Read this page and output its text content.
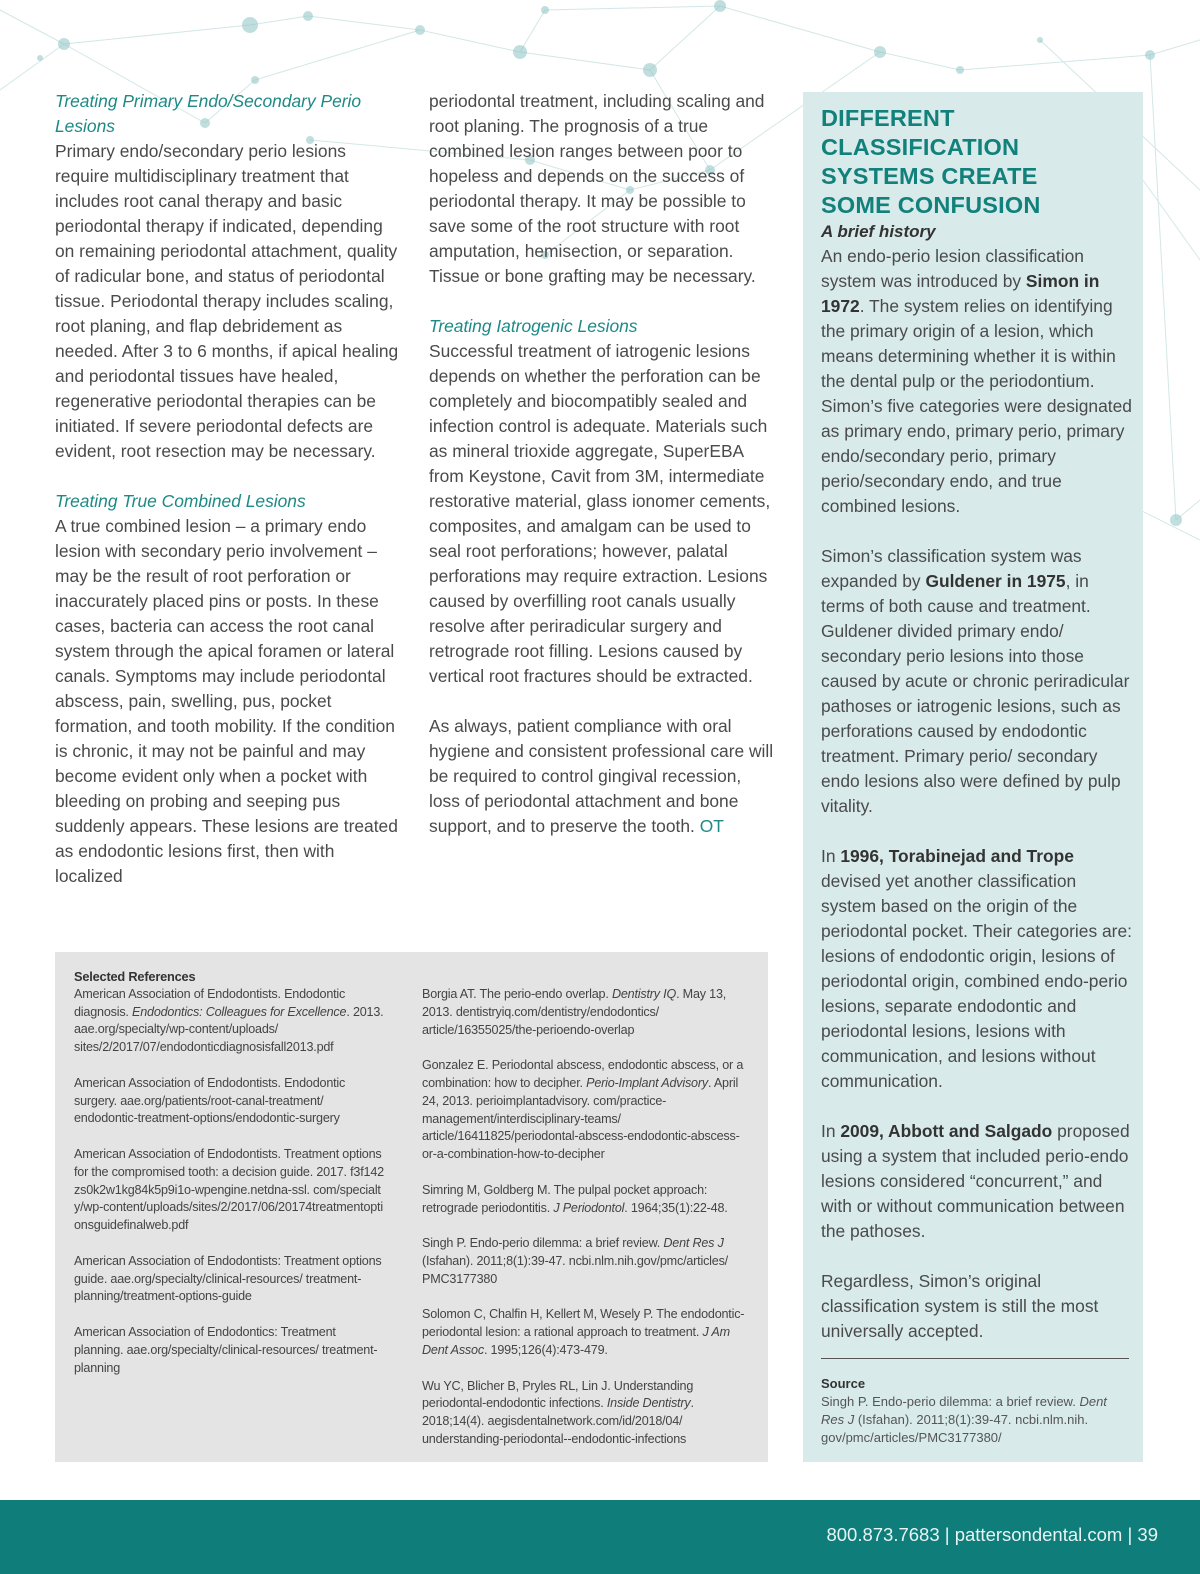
Treating Primary Endo/Secondary Perio Lesions

Primary endo/secondary perio lesions require multidisciplinary treatment that includes root canal therapy and basic periodontal therapy if indicated, depending on remaining periodontal attachment, quality of radicular bone, and status of periodontal tissue. Periodontal therapy includes scaling, root planing, and flap debridement as needed. After 3 to 6 months, if apical healing and periodontal tissues have healed, regenerative periodontal therapies can be initiated. If severe periodontal defects are evident, root resection may be necessary.

Treating True Combined Lesions

A true combined lesion – a primary endo lesion with secondary perio involvement – may be the result of root perforation or inaccurately placed pins or posts. In these cases, bacteria can access the root canal system through the apical foramen or lateral canals. Symptoms may include periodontal abscess, pain, swelling, pus, pocket formation, and tooth mobility. If the condition is chronic, it may not be painful and may become evident only when a pocket with bleeding on probing and seeping pus suddenly appears. These lesions are treated as endodontic lesions first, then with localized

periodontal treatment, including scaling and root planing. The prognosis of a true combined lesion ranges between poor to hopeless and depends on the success of periodontal therapy. It may be possible to save some of the root structure with root amputation, hemisection, or separation. Tissue or bone grafting may be necessary.

Treating Iatrogenic Lesions

Successful treatment of iatrogenic lesions depends on whether the perforation can be completely and biocompatibly sealed and infection control is adequate. Materials such as mineral trioxide aggregate, SuperEBA from Keystone, Cavit from 3M, intermediate restorative material, glass ionomer cements, composites, and amalgam can be used to seal root perforations; however, palatal perforations may require extraction. Lesions caused by overfilling root canals usually resolve after periradicular surgery and retrograde root filling. Lesions caused by vertical root fractures should be extracted.

As always, patient compliance with oral hygiene and consistent professional care will be required to control gingival recession, loss of periodontal attachment and bone support, and to preserve the tooth. OT

Selected References

American Association of Endodontists. Endodontic diagnosis. Endodontics: Colleagues for Excellence. 2013. aae.org/specialty/wp-content/uploads/ sites/2/2017/07/endodonticdiagnosisfall2013.pdf

American Association of Endodontists. Endodontic surgery. aae.org/patients/root-canal-treatment/ endodontic-treatment-options/endodontic-surgery

American Association of Endodontists. Treatment options for the compromised tooth: a decision guide. 2017. f3f142zs0k2w1kg84k5p9i1o-wpengine.netdna-ssl. com/specialty/wp-content/uploads/sites/2/2017/06/20174treatmentoptionsguidefinalweb.pdf

American Association of Endodontists: Treatment options guide. aae.org/specialty/clinical-resources/ treatment-planning/treatment-options-guide

American Association of Endodontics: Treatment planning. aae.org/specialty/clinical-resources/ treatment-planning

Borgia AT. The perio-endo overlap. Dentistry IQ. May 13, 2013. dentistryiq.com/dentistry/endodontics/ article/16355025/the-perioendo-overlap

Gonzalez E. Periodontal abscess, endodontic abscess, or a combination: how to decipher. Perio-Implant Advisory. April 24, 2013. perioimplantadvisory. com/practice-management/interdisciplinary-teams/ article/16411825/periodontal-abscess-endodontic-abscess-or-a-combination-how-to-decipher

Simring M, Goldberg M. The pulpal pocket approach: retrograde periodontitis. J Periodontol. 1964;35(1):22-48.

Singh P. Endo-perio dilemma: a brief review. Dent Res J (Isfahan). 2011;8(1):39-47. ncbi.nlm.nih.gov/pmc/articles/ PMC3177380

Solomon C, Chalfin H, Kellert M, Wesely P. The endodontic-periodontal lesion: a rational approach to treatment. J Am Dent Assoc. 1995;126(4):473-479.

Wu YC, Blicher B, Pryles RL, Lin J. Understanding periodontal-endodontic infections. Inside Dentistry. 2018;14(4). aegisdentalnetwork.com/id/2018/04/ understanding-periodontal--endodontic-infections

DIFFERENT
CLASSIFICATION
SYSTEMS CREATE
SOME CONFUSION

A brief history

An endo-perio lesion classification system was introduced by Simon in 1972. The system relies on identifying the primary origin of a lesion, which means determining whether it is within the dental pulp or the periodontium. Simon’s five categories were designated as primary endo, primary perio, primary endo/secondary perio, primary perio/secondary endo, and true combined lesions.

Simon’s classification system was expanded by Guldener in 1975, in terms of both cause and treatment. Guldener divided primary endo/ secondary perio lesions into those caused by acute or chronic periradicular pathoses or iatrogenic lesions, such as perforations caused by endodontic treatment. Primary perio/ secondary endo lesions also were defined by pulp vitality.

In 1996, Torabinejad and Trope devised yet another classification system based on the origin of the periodontal pocket. Their categories are: lesions of endodontic origin, lesions of periodontal origin, combined endo-perio lesions, separate endodontic and periodontal lesions, lesions with communication, and lesions without communication.

In 2009, Abbott and Salgado proposed using a system that included perio-endo lesions considered “concurrent,” and with or without communication between the pathoses.

Regardless, Simon’s original classification system is still the most universally accepted.

Source

Singh P. Endo-perio dilemma: a brief review. Dent Res J (Isfahan). 2011;8(1):39-47. ncbi.nlm.nih. gov/pmc/articles/PMC3177380/

800.873.7683 | pattersondental.com | 39
